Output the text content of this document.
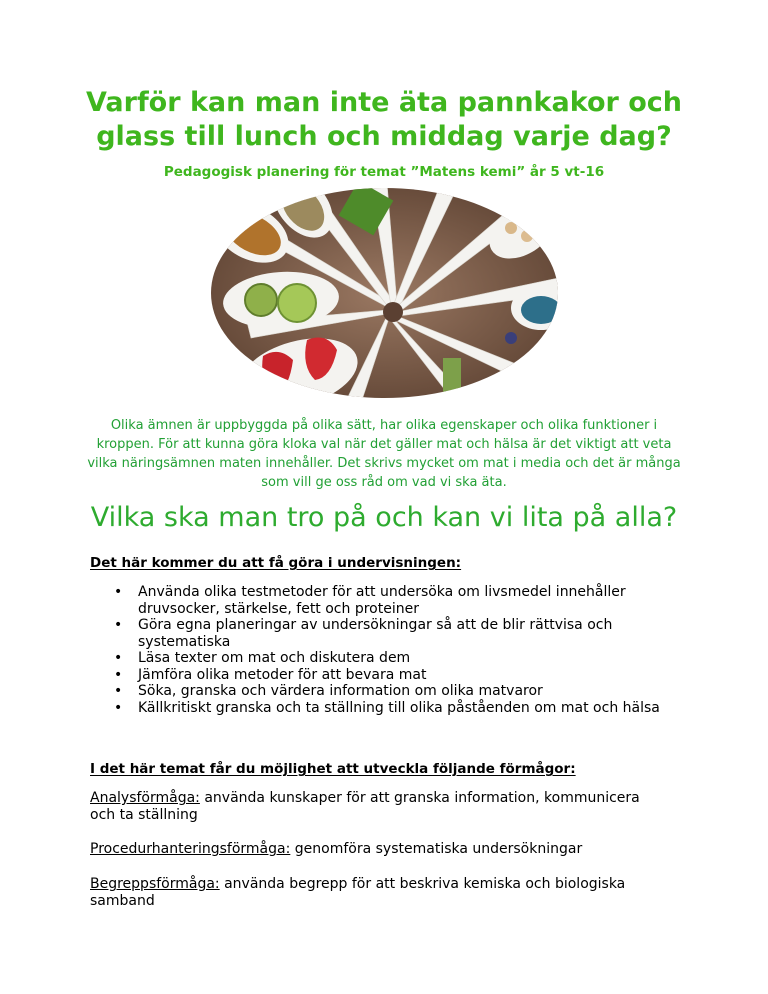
Varför kan man inte äta pannkakor och glass till lunch och middag varje dag?
Pedagogisk planering för temat ”Matens kemi” år 5 vt-16
Olika ämnen är uppbyggda på olika sätt, har olika egenskaper och olika funktioner i kroppen. För att kunna göra kloka val när det gäller mat och hälsa är det viktigt att veta vilka näringsämnen maten innehåller. Det skrivs mycket om mat i media och det är många som vill ge oss råd om vad vi ska äta.
Vilka ska man tro på och kan vi lita på alla?
Det här kommer du att få göra i undervisningen:
• Använda olika testmetoder för att undersöka om livsmedel innehåller druvsocker, stärkelse, fett och proteiner
• Göra egna planeringar av undersökningar så att de blir rättvisa och systematiska
• Läsa texter om mat och diskutera dem
• Jämföra olika metoder för att bevara mat
• Söka, granska och värdera information om olika matvaror
• Källkritiskt granska och ta ställning till olika påståenden om mat och hälsa
I det här temat får du möjlighet att utveckla följande förmågor:
Analysförmåga: använda kunskaper för att granska information, kommunicera och ta ställning
Procedurhanteringsförmåga: genomföra systematiska undersökningar
Begreppsförmåga: använda begrepp för att beskriva kemiska och biologiska samband
